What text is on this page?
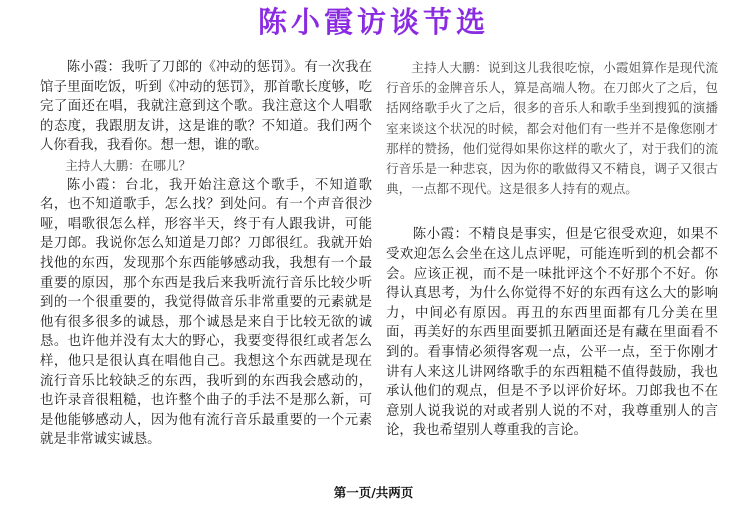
陈小霞访谈节选

陈小霞：我听了刀郎的《冲动的惩罚》。有一次我在馆子里面吃饭，听到《冲动的惩罚》，那首歌长度够，吃完了面还在唱，我就注意到这个歌。我注意这个人唱歌的态度，我跟朋友讲，这是谁的歌？不知道。我们两个人你看我，我看你。想一想，谁的歌。

主持人大鹏：在哪儿？

陈小霞：台北，我开始注意这个歌手，不知道歌名，也不知道歌手，怎么找？到处问。有一个声音很沙哑，唱歌很怎么样，形容半天，终于有人跟我讲，可能是刀郎。我说你怎么知道是刀郎？刀郎很红。我就开始找他的东西，发现那个东西能够感动我，我想有一个最重要的原因，那个东西是我后来我听流行音乐比较少听到的一个很重要的，我觉得做音乐非常重要的元素就是他有很多很多的诚恳，那个诚恳是来自于比较无欲的诚恳。也许他并没有太大的野心，我要变得很红或者怎么样，他只是很认真在唱他自己。我想这个东西就是现在流行音乐比较缺乏的东西，我听到的东西我会感动的，也许录音很粗糙，也许整个曲子的手法不是那么新，可是他能够感动人，因为他有流行音乐最重要的一个元素就是非常诚实诚恳。

主持人大鹏：说到这儿我很吃惊，小霞姐算作是现代流行音乐的金牌音乐人，算是高端人物。在刀郎火了之后，包括网络歌手火了之后，很多的音乐人和歌手坐到搜狐的演播室来谈这个状况的时候，都会对他们有一些并不是像您刚才那样的赞扬，他们觉得如果你这样的歌火了，对于我们的流行音乐是一种悲哀，因为你的歌做得又不精良，调子又很古典，一点都不现代。这是很多人持有的观点。

陈小霞：不精良是事实，但是它很受欢迎，如果不受欢迎怎么会坐在这儿点评呢，可能连听到的机会都不会。应该正视，而不是一味批评这个不好那个不好。你得认真思考，为什么你觉得不好的东西有这么大的影响力，中间必有原因。再丑的东西里面都有几分美在里面，再美好的东西里面要抓丑陋面还是有藏在里面看不到的。看事情必须得客观一点，公平一点，至于你刚才讲有人来这儿讲网络歌手的东西粗糙不值得鼓励，我也承认他们的观点，但是不予以评价好坏。刀郎我也不在意别人说我说的对或者别人说的不对，我尊重别人的言论，我也希望别人尊重我的言论。

第一页/共两页
